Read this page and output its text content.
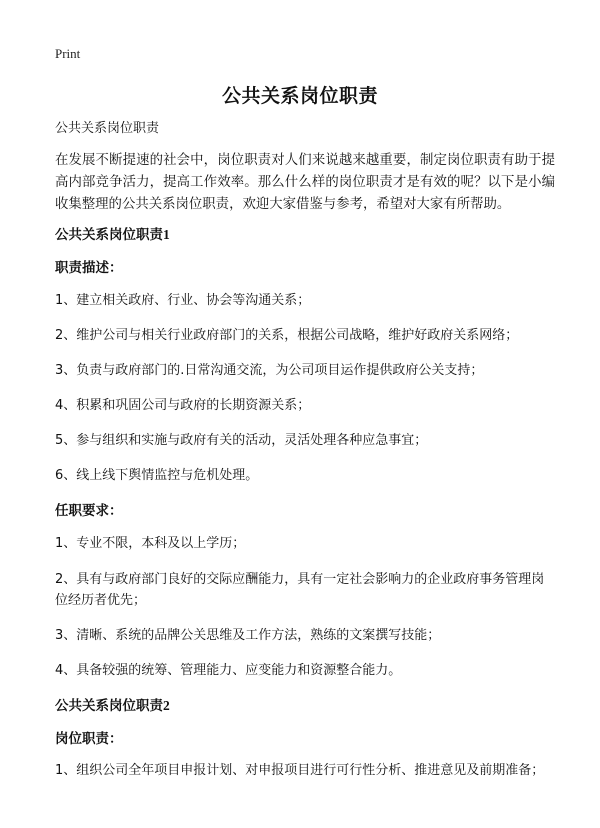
Print
公共关系岗位职责

公共关系岗位职责

在发展不断提速的社会中，岗位职责对人们来说越来越重要，制定岗位职责有助于提高内部竞争活力，提高工作效率。那么什么样的岗位职责才是有效的呢？以下是小编收集整理的公共关系岗位职责，欢迎大家借鉴与参考，希望对大家有所帮助。

公共关系岗位职责1

职责描述：

1、建立相关政府、行业、协会等沟通关系；
2、维护公司与相关行业政府部门的关系，根据公司战略，维护好政府关系网络；
3、负责与政府部门的.日常沟通交流，为公司项目运作提供政府公关支持；
4、积累和巩固公司与政府的长期资源关系；
5、参与组织和实施与政府有关的活动，灵活处理各种应急事宜；
6、线上线下舆情监控与危机处理。

任职要求：

1、专业不限，本科及以上学历；
2、具有与政府部门良好的交际应酬能力，具有一定社会影响力的企业政府事务管理岗位经历者优先；
3、清晰、系统的品牌公关思维及工作方法，熟练的文案撰写技能；
4、具备较强的统筹、管理能力、应变能力和资源整合能力。

公共关系岗位职责2

岗位职责：

1、组织公司全年项目申报计划、对申报项目进行可行性分析、推进意见及前期准备；
